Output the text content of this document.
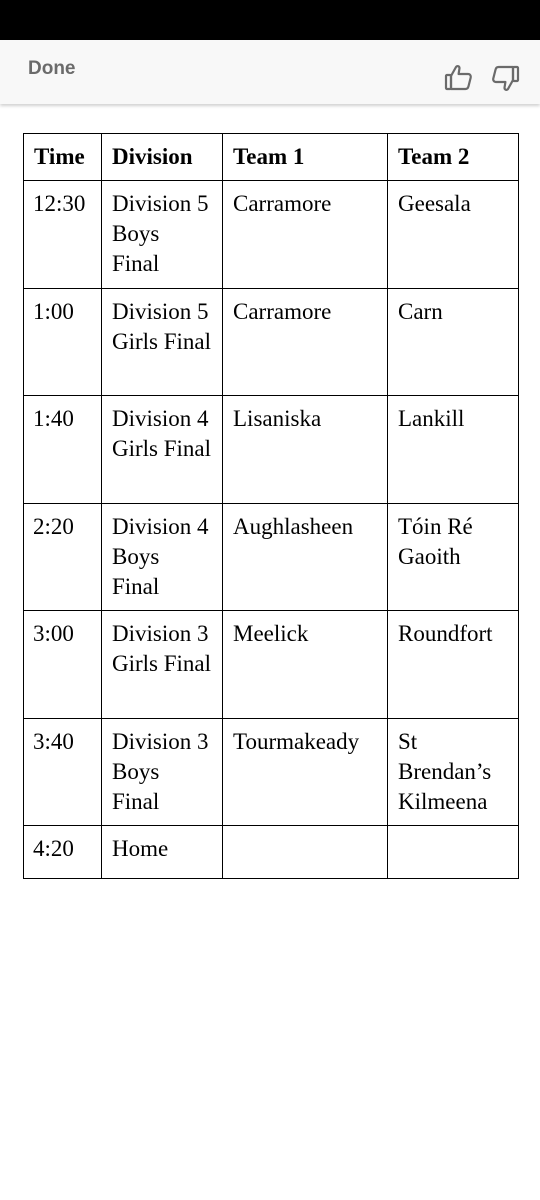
Done
Time	Division	Team 1	Team 2
12:30	Division 5 Boys Final	Carramore	Geesala
1:00	Division 5 Girls Final	Carramore	Carn
1:40	Division 4 Girls Final	Lisaniska	Lankill
2:20	Division 4 Boys Final	Aughlasheen	Tóin Ré Gaoith
3:00	Division 3 Girls Final	Meelick	Roundfort
3:40	Division 3 Boys Final	Tourmakeady	St Brendan’s Kilmeena
4:20	Home		
